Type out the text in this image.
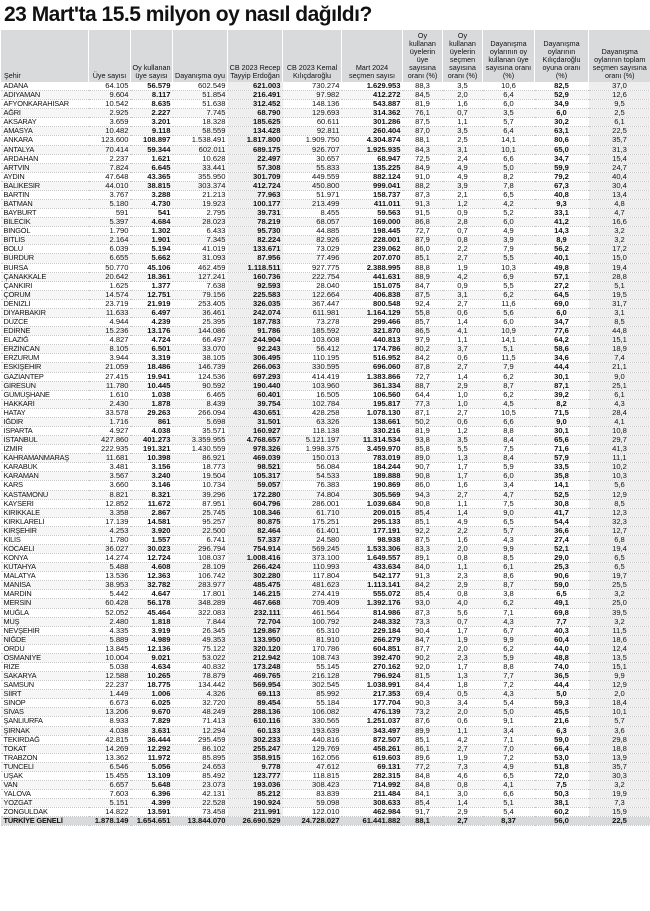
23 Mart'ta 15.5 milyon oy nasıl dağıldı?
Şehir	Üye sayısı	Oy kullanan üye sayısı	Dayanışma oyu	CB 2023 Recep Tayyip Erdoğan	CB 2023 Kemal Kılıçdaroğlu	Mart 2024 seçmen sayısı	Oy kullanan üyelerin üye sayısına oranı (%)	Oy kullanan üyelerin seçmen sayısına oranı (%)	Dayanışma oylarının oy kullanan üye sayısına oranı (%)	Dayanışma oylarının Kılıçdaroğlu oyuna oranı (%)	Dayanışma oylarının toplam seçmen sayısına oranı (%)
ADANA	64.105	56.579	602.549	621.003	730.274	1.629.953	88,3	3,5	10,6	82,5	37,0
ADIYAMAN	9.604	8.117	51.854	216.491	97.982	412.272	84,5	2,0	6,4	52,9	12,6
AFYONKARAHİSAR	10.542	8.635	51.638	312.452	148.136	543.887	81,9	1,6	6,0	34,9	9,5
AĞRI	2.925	2.227	7.745	68.790	129.693	314.362	76,1	0,7	3,5	6,0	2,5
AKSARAY	3.659	3.201	18.328	185.625	60.611	301.286	87,5	1,1	5,7	30,2	6,1
AMASYA	10.482	9.118	58.559	134.428	92.811	260.404	87,0	3,5	6,4	63,1	22,5
ANKARA	123.600	108.897	1.538.491	1.817.800	1.909.750	4.304.874	88,1	2,5	14,1	80,6	35,7
ANTALYA	70.414	59.344	602.011	689.175	926.707	1.925.935	84,3	3,1	10,1	65,0	31,3
ARDAHAN	2.237	1.621	10.628	22.497	30.657	68.947	72,5	2,4	6,6	34,7	15,4
ARTVİN	7.824	6.645	33.441	57.308	55.833	135.225	84,9	4,9	5,0	59,9	24,7
AYDIN	47.648	43.365	355.950	301.709	449.559	882.124	91,0	4,9	8,2	79,2	40,4
BALIKESİR	44.010	38.815	303.374	412.724	450.800	999.041	88,2	3,9	7,8	67,3	30,4
BARTIN	3.767	3.288	21.213	77.963	51.971	158.737	87,3	2,1	6,5	40,8	13,4
BATMAN	5.180	4.730	19.923	100.177	213.499	411.011	91,3	1,2	4,2	9,3	4,8
BAYBURT	591	541	2.795	39.731	8.455	59.563	91,5	0,9	5,2	33,1	4,7
BİLECİK	5.397	4.684	28.023	78.219	68.057	169.000	86,8	2,8	6,0	41,2	16,6
BİNGÖL	1.790	1.302	6.433	95.730	44.885	198.445	72,7	0,7	4,9	14,3	3,2
BİTLİS	2.164	1.901	7.345	82.224	82.926	228.001	87,9	0,8	3,9	8,9	3,2
BOLU	6.039	5.194	41.019	133.671	73.029	239.062	86,0	2,2	7,9	56,2	17,2
BURDUR	6.655	5.662	31.093	87.956	77.496	207.070	85,1	2,7	5,5	40,1	15,0
BURSA	50.770	45.106	462.459	1.118.511	927.775	2.388.995	88,8	1,9	10,3	49,8	19,4
ÇANAKKALE	20.642	18.361	127.241	160.736	222.754	441.631	88,9	4,2	6,9	57,1	28,8
ÇANKIRI	1.625	1.377	7.638	92.593	28.040	151.075	84,7	0,9	5,5	27,2	5,1
ÇORUM	14.574	12.751	79.156	225.583	122.664	406.838	87,5	3,1	6,2	64,5	19,5
DENİZLİ	23.719	21.919	253.405	326.035	367.447	800.548	92,4	2,7	11,6	69,0	31,7
DİYARBAKIR	11.633	6.497	36.461	242.074	611.981	1.164.129	55,8	0,6	5,6	6,0	3,1
DÜZCE	4.944	4.239	25.395	187.783	73.278	299.466	85,7	1,4	6,0	34,7	8,5
EDİRNE	15.236	13.176	144.086	91.786	185.592	321.870	86,5	4,1	10,9	77,6	44,8
ELAZIĞ	4.827	4.724	66.497	244.904	103.608	440.813	97,9	1,1	14,1	64,2	15,1
ERZİNCAN	8.105	6.501	33.070	92.243	56.412	174.786	80,2	3,7	5,1	58,6	18,9
ERZURUM	3.944	3.319	38.105	306.495	110.195	516.952	84,2	0,6	11,5	34,6	7,4
ESKİŞEHİR	21.059	18.486	146.739	266.063	330.595	696.060	87,8	2,7	7,9	44,4	21,1
GAZİANTEP	27.415	19.941	124.536	697.293	414.419	1.383.866	72,7	1,4	6,2	30,1	9,0
GİRESUN	11.780	10.445	90.592	190.440	103.960	361.334	88,7	2,9	8,7	87,1	25,1
GÜMÜŞHANE	1.610	1.038	6.465	60.401	16.505	106.560	64,4	1,0	6,2	39,2	6,1
HAKKARİ	2.430	1.878	8.439	39.754	102.784	195.817	77,3	1,0	4,5	8,2	4,3
HATAY	33.578	29.263	266.094	430.651	428.258	1.078.130	87,1	2,7	10,5	71,5	28,4
IĞDIR	1.716	861	5.698	31.501	63.326	138.661	50,2	0,6	6,6	9,0	4,1
ISPARTA	4.927	4.038	35.571	160.927	118.138	330.216	81,9	1,2	8,8	30,1	10,8
İSTANBUL	427.860	401.273	3.359.955	4.768.657	5.121.197	11.314.534	93,8	3,5	8,4	65,6	29,7
İZMİR	222.935	191.321	1.430.559	978.326	1.998.375	3.459.970	85,8	5,5	7,5	71,6	41,3
KAHRAMANMARAŞ	11.681	10.398	86.921	469.039	150.013	783.019	89,0	1,3	8,4	57,9	11,1
KARABÜK	3.481	3.156	18.773	98.521	56.084	184.244	90,7	1,7	5,9	33,5	10,2
KARAMAN	3.567	3.240	19.504	105.317	54.533	189.888	90,8	1,7	6,0	35,8	10,3
KARS	3.660	3.146	10.734	59.057	76.383	190.869	86,0	1,6	3,4	14,1	5,6
KASTAMONU	8.821	8.321	39.296	172.280	74.804	305.569	94,3	2,7	4,7	52,5	12,9
KAYSERİ	12.852	11.672	87.951	604.796	286.001	1.039.684	90,8	1,1	7,5	30,8	8,5
KIRIKKALE	3.358	2.867	25.745	108.346	61.710	209.015	85,4	1,4	9,0	41,7	12,3
KIRKLARELİ	17.139	14.581	95.257	80.875	175.251	295.133	85,1	4,9	6,5	54,4	32,3
KIRŞEHİR	4.253	3.920	22.500	82.464	61.401	177.191	92,2	2,2	5,7	36,6	12,7
KİLİS	1.780	1.557	6.741	57.337	24.580	98.938	87,5	1,6	4,3	27,4	6,8
KOCAELİ	36.027	30.023	296.794	754.914	569.245	1.533.306	83,3	2,0	9,9	52,1	19,4
KONYA	14.274	12.724	108.037	1.008.416	373.100	1.649.557	89,1	0,8	8,5	29,0	6,5
KÜTAHYA	5.488	4.608	28.109	266.424	110.993	433.634	84,0	1,1	6,1	25,3	6,5
MALATYA	13.536	12.363	106.742	302.280	117.804	542.177	91,3	2,3	8,6	90,6	19,7
MANİSA	38.953	32.782	283.977	485.475	481.623	1.113.141	84,2	2,9	8,7	59,0	25,5
MARDİN	5.442	4.647	17.801	146.215	274.419	555.072	85,4	0,8	3,8	6,5	3,2
MERSİN	60.428	56.178	348.289	467.668	709.409	1.392.176	93,0	4,0	6,2	49,1	25,0
MUĞLA	52.052	45.464	322.083	232.111	461.564	814.986	87,3	5,6	7,1	69,8	39,5
MUŞ	2.480	1.818	7.844	72.704	100.792	248.332	73,3	0,7	4,3	7,7	3,2
NEVŞEHİR	4.335	3.919	26.345	129.867	65.310	229.184	90,4	1,7	6,7	40,3	11,5
NİĞDE	5.889	4.989	49.353	133.950	81.910	266.279	84,7	1,9	9,9	60,4	18,6
ORDU	13.845	12.136	75.122	320.120	170.786	604.851	87,7	2,0	6,2	44,0	12,4
OSMANİYE	10.004	9.021	53.022	212.942	108.743	392.470	90,2	2,3	5,9	48,8	13,5
RİZE	5.038	4.634	40.832	173.248	55.145	270.162	92,0	1,7	8,8	74,0	15,1
SAKARYA	12.588	10.265	78.879	469.765	216.128	796.924	81,5	1,3	7,7	36,5	9,9
SAMSUN	22.237	18.775	134.442	569.954	302.545	1.038.991	84,4	1,8	7,2	44,4	12,9
SİİRT	1.449	1.006	4.326	69.113	85.992	217.353	69,4	0,5	4,3	5,0	2,0
SİNOP	6.673	6.025	32.720	89.454	55.184	177.704	90,3	3,4	5,4	59,3	18,4
SİVAS	13.206	9.670	48.249	288.136	106.082	476.139	73,2	2,0	5,0	45,5	10,1
ŞANLIURFA	8.933	7.829	71.413	610.116	330.565	1.251.037	87,6	0,6	9,1	21,6	5,7
ŞIRNAK	4.038	3.631	12.294	60.133	193.639	343.497	89,9	1,1	3,4	6,3	3,6
TEKİRDAĞ	42.815	36.444	295.459	302.233	440.816	872.507	85,1	4,2	7,1	59,0	29,8
TOKAT	14.269	12.292	86.102	255.247	129.769	458.261	86,1	2,7	7,0	66,4	18,8
TRABZON	13.362	11.972	85.895	358.915	162.056	619.603	89,6	1,9	7,2	53,0	13,9
TUNCELİ	6.546	5.056	24.653	9.778	47.612	69.131	77,2	7,3	4,9	51,8	35,7
UŞAK	15.455	13.109	85.492	123.777	118.815	282.315	84,8	4,6	6,5	72,0	30,3
VAN	6.657	5.648	23.073	193.036	308.423	714.992	84,8	0,8	4,1	7,5	3,2
YALOVA	7.603	6.396	42.131	85.212	83.839	211.484	84,1	3,0	6,6	50,3	19,9
YOZGAT	5.151	4.399	22.528	190.924	59.098	308.633	85,4	1,4	5,1	38,1	7,3
ZONGULDAK	14.822	13.591	73.458	211.991	122.010	462.984	91,7	2,9	5,4	60,2	15,9
TÜRKİYE GENELİ	1.878.149	1.654.651	13.844.070	26.690.529	24.728.027	61.441.882	88,1	2,7	8,37	56,0	22,5
